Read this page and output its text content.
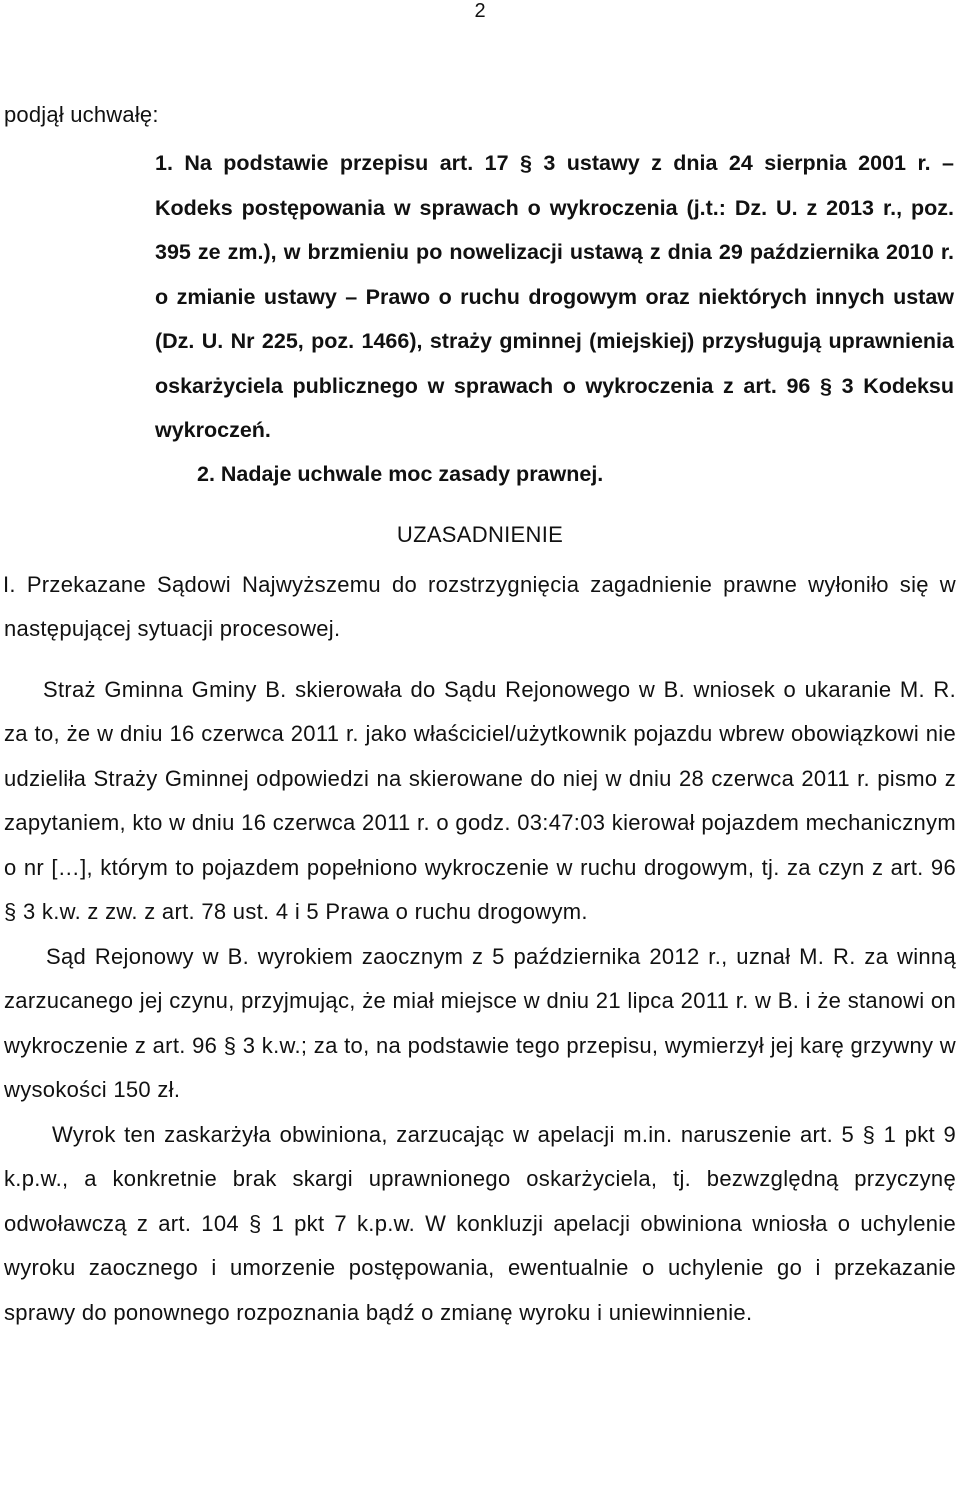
2

podjął uchwałę:

1. Na podstawie przepisu art. 17 § 3 ustawy z dnia 24 sierpnia 2001 r. – Kodeks postępowania w sprawach o wykroczenia (j.t.: Dz. U. z 2013 r., poz. 395 ze zm.), w brzmieniu po nowelizacji ustawą z dnia 29 października 2010 r. o zmianie ustawy – Prawo o ruchu drogowym oraz niektórych innych ustaw (Dz. U. Nr 225, poz. 1466), straży gminnej (miejskiej) przysługują uprawnienia oskarżyciela publicznego w sprawach o wykroczenia z art. 96 § 3 Kodeksu wykroczeń.

2. Nadaje uchwale moc zasady prawnej.

UZASADNIENIE

I. Przekazane Sądowi Najwyższemu do rozstrzygnięcia zagadnienie prawne wyłoniło się w następującej sytuacji procesowej.

Straż Gminna Gminy B. skierowała do Sądu Rejonowego w B. wniosek o ukaranie M. R. za to, że w dniu 16 czerwca 2011 r. jako właściciel/użytkownik pojazdu wbrew obowiązkowi nie udzieliła Straży Gminnej odpowiedzi na skierowane do niej w dniu 28 czerwca 2011 r. pismo z zapytaniem, kto w dniu 16 czerwca 2011 r. o godz. 03:47:03 kierował pojazdem mechanicznym o nr […], którym to pojazdem popełniono wykroczenie w ruchu drogowym, tj. za czyn z art. 96 § 3 k.w. z zw. z art. 78 ust. 4 i 5 Prawa o ruchu drogowym.

Sąd Rejonowy w B. wyrokiem zaocznym z 5 października 2012 r., uznał M. R. za winną zarzucanego jej czynu, przyjmując, że miał miejsce w dniu 21 lipca 2011 r. w B. i że stanowi on wykroczenie z art. 96 § 3 k.w.; za to, na podstawie tego przepisu, wymierzył jej karę grzywny w wysokości 150 zł.

Wyrok ten zaskarżyła obwiniona, zarzucając w apelacji m.in. naruszenie art. 5 § 1 pkt 9 k.p.w., a konkretnie brak skargi uprawnionego oskarżyciela, tj. bezwzględną przyczynę odwoławczą z art. 104 § 1 pkt 7 k.p.w. W konkluzji apelacji obwiniona wniosła o uchylenie wyroku zaocznego i umorzenie postępowania, ewentualnie o uchylenie go i przekazanie sprawy do ponownego rozpoznania bądź o zmianę wyroku i uniewinnienie.
